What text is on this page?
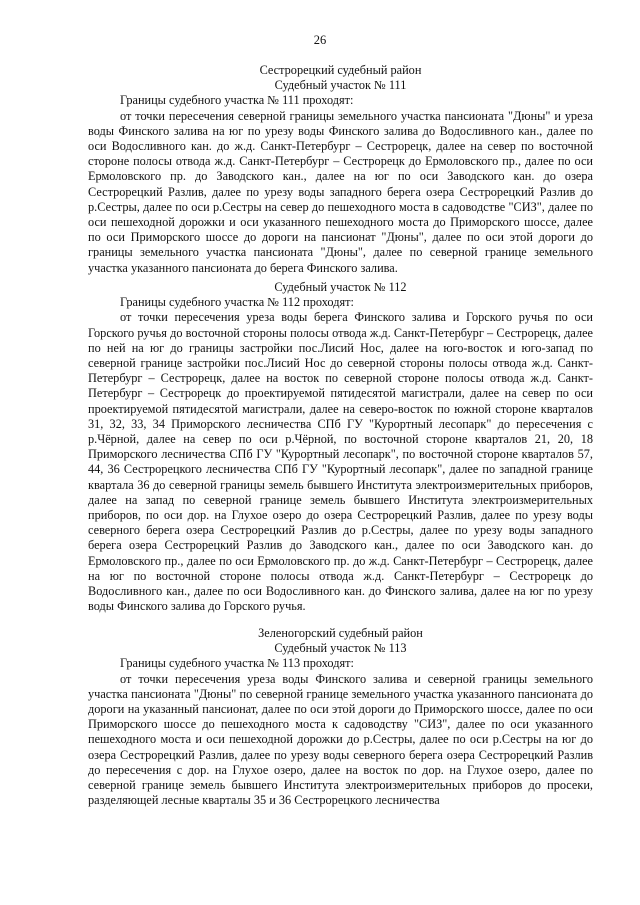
26
Сестрорецкий судебный район
Судебный участок № 111
Границы судебного участка № 111 проходят:
от точки пересечения северной границы земельного участка пансионата "Дюны" и уреза воды Финского залива на юг по урезу воды Финского залива до Водосливного кан., далее по оси Водосливного кан. до ж.д. Санкт-Петербург – Сестрорецк, далее на север по восточной стороне полосы отвода ж.д. Санкт-Петербург – Сестрорецк до Ермоловского пр., далее по оси Ермоловского пр. до Заводского кан., далее на юг по оси Заводского кан. до озера Сестрорецкий Разлив, далее по урезу воды западного берега озера Сестрорецкий Разлив до р.Сестры, далее по оси р.Сестры на север до пешеходного моста в садоводстве "СИЗ", далее по оси пешеходной дорожки и оси указанного пешеходного моста до Приморского шоссе, далее по оси Приморского шоссе до дороги на пансионат "Дюны", далее по оси этой дороги до границы земельного участка пансионата "Дюны", далее по северной границе земельного участка указанного пансионата до берега Финского залива.
Судебный участок № 112
Границы судебного участка № 112 проходят:
от точки пересечения уреза воды берега Финского залива и Горского ручья по оси Горского ручья до восточной стороны полосы отвода ж.д. Санкт-Петербург – Сестрорецк, далее по ней на юг до границы застройки пос.Лисий Нос, далее на юго-восток и юго-запад по северной границе застройки пос.Лисий Нос до северной стороны полосы отвода ж.д. Санкт-Петербург – Сестрорецк, далее на восток по северной стороне полосы отвода ж.д. Санкт-Петербург – Сестрорецк до проектируемой пятидесятой магистрали, далее на север по оси проектируемой пятидесятой магистрали, далее на северо-восток по южной стороне кварталов 31, 32, 33, 34 Приморского лесничества СПб ГУ "Курортный лесопарк" до пересечения с р.Чёрной, далее на север по оси р.Чёрной, по восточной стороне кварталов 21, 20, 18 Приморского лесничества СПб ГУ "Курортный лесопарк", по восточной стороне кварталов 57, 44, 36 Сестрорецкого лесничества СПб ГУ "Курортный лесопарк", далее по западной границе квартала 36 до северной границы земель бывшего Института электроизмерительных приборов, далее на запад по северной границе земель бывшего Института электроизмерительных приборов, по оси дор. на Глухое озеро до озера Сестрорецкий Разлив, далее по урезу воды северного берега озера Сестрорецкий Разлив до р.Сестры, далее по урезу воды западного берега озера Сестрорецкий Разлив до Заводского кан., далее по оси Заводского кан. до Ермоловского пр., далее по оси Ермоловского пр. до ж.д. Санкт-Петербург – Сестрорецк, далее на юг по восточной стороне полосы отвода ж.д. Санкт-Петербург – Сестрорецк до Водосливного кан., далее по оси Водосливного кан. до Финского залива, далее на юг по урезу воды Финского залива до Горского ручья.
Зеленогорский судебный район
Судебный участок № 113
Границы судебного участка № 113 проходят:
от точки пересечения уреза воды Финского залива и северной границы земельного участка пансионата "Дюны" по северной границе земельного участка указанного пансионата до дороги на указанный пансионат, далее по оси этой дороги до Приморского шоссе, далее по оси Приморского шоссе до пешеходного моста к садоводству "СИЗ", далее по оси указанного пешеходного моста и оси пешеходной дорожки до р.Сестры, далее по оси р.Сестры на юг до озера Сестрорецкий Разлив, далее по урезу воды северного берега озера Сестрорецкий Разлив до пересечения с дор. на Глухое озеро, далее на восток по дор. на Глухое озеро, далее по северной границе земель бывшего Института электроизмерительных приборов до просеки, разделяющей лесные кварталы 35 и 36 Сестрорецкого лесничества
